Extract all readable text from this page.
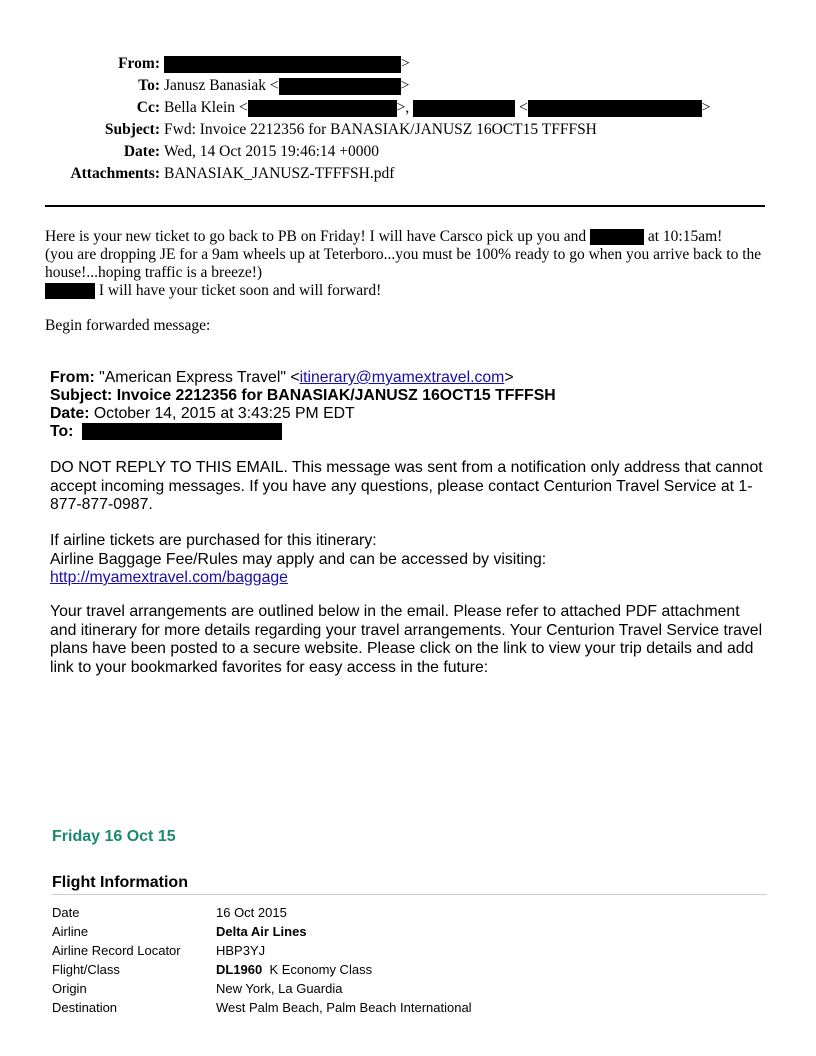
From:	>
To: Janusz Banasiak <	>
Cc: Bella Klein <	>,	<	>
Subject: Fwd: Invoice 2212356 for BANASIAK/JANUSZ 16OCT15 TFFFSH
Date: Wed, 14 Oct 2015 19:46:14 +0000
Attachments: BANASIAK_JANUSZ-TFFFSH.pdf

Here is your new ticket to go back to PB on Friday! I will have Carsco pick up you and	at 10:15am!

(you are dropping JE for a 9am wheels up at Teterboro...you must be 100% ready to go when you arrive back to the house!...hoping traffic is a breeze!)

I will have your ticket soon and will forward!

Begin forwarded message:

From: "American Express Travel" <itinerary@myamextravel.com>
Subject: Invoice 2212356 for BANASIAK/JANUSZ 16OCT15 TFFFSH
Date: October 14, 2015 at 3:43:25 PM EDT
To:

DO NOT REPLY TO THIS EMAIL. This message was sent from a notification only address that cannot accept incoming messages. If you have any questions, please contact Centurion Travel Service at 1-877-877-0987.

If airline tickets are purchased for this itinerary:
Airline Baggage Fee/Rules may apply and can be accessed by visiting:
http://myamextravel.com/baggage

Your travel arrangements are outlined below in the email. Please refer to attached PDF attachment and itinerary for more details regarding your travel arrangements. Your Centurion Travel Service travel plans have been posted to a secure website. Please click on the link to view your trip details and add link to your bookmarked favorites for easy access in the future:

Friday 16 Oct 15
Flight Information
Date	16 Oct 2015
Airline	Delta Air Lines
Airline Record Locator	HBP3YJ
Flight/Class	DL1960  K Economy Class
Origin	New York, La Guardia
Destination	West Palm Beach, Palm Beach International
